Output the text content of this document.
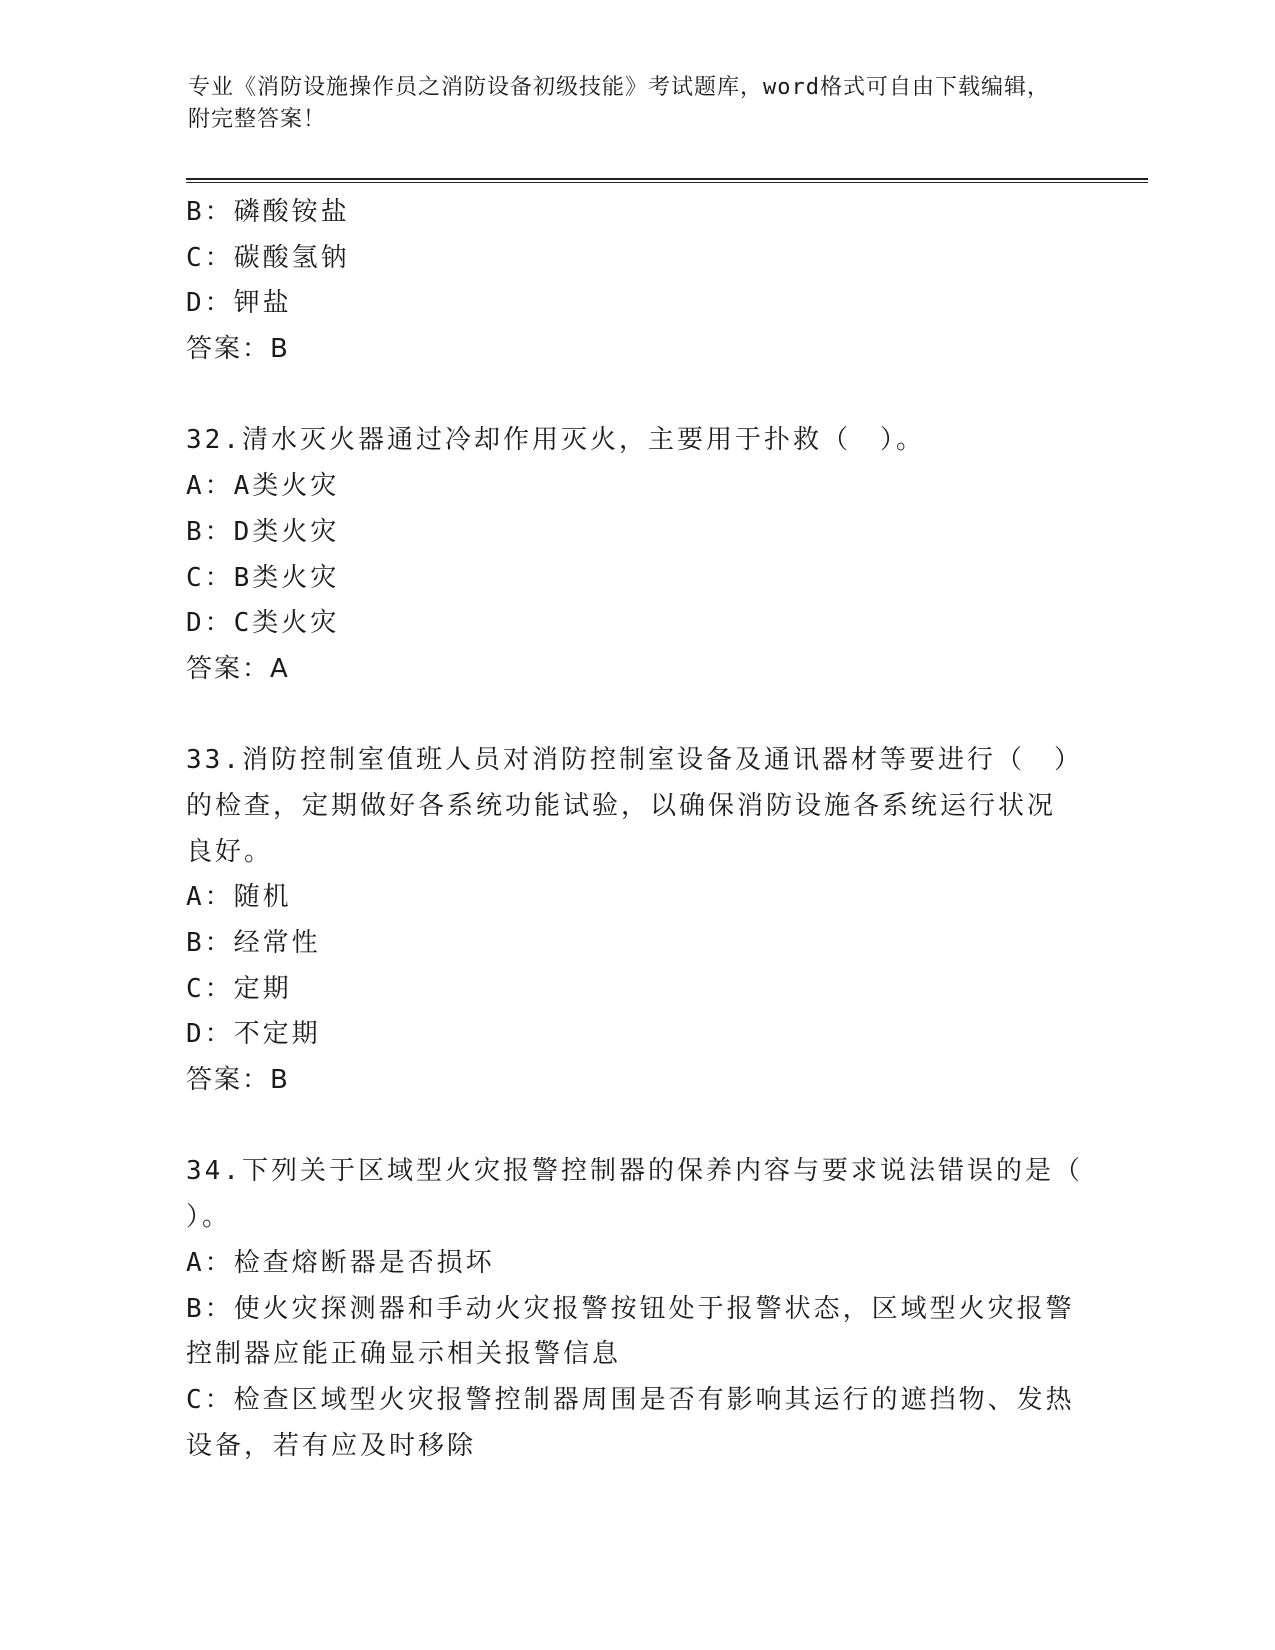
专业《消防设施操作员之消防设备初级技能》考试题库，word格式可自由下载编辑，附完整答案！
B：磷酸铵盐
C：碳酸氢钠
D：钾盐
答案：B
32.清水灭火器通过冷却作用灭火，主要用于扑救（　）。
A：A类火灾
B：D类火灾
C：B类火灾
D：C类火灾
答案：A
33.消防控制室值班人员对消防控制室设备及通讯器材等要进行（　）
的检查，定期做好各系统功能试验，以确保消防设施各系统运行状况
良好。
A：随机
B：经常性
C：定期
D：不定期
答案：B
34.下列关于区域型火灾报警控制器的保养内容与要求说法错误的是（
）。
A：检查熔断器是否损坏
B：使火灾探测器和手动火灾报警按钮处于报警状态，区域型火灾报警
控制器应能正确显示相关报警信息
C：检查区域型火灾报警控制器周围是否有影响其运行的遮挡物、发热
设备，若有应及时移除
